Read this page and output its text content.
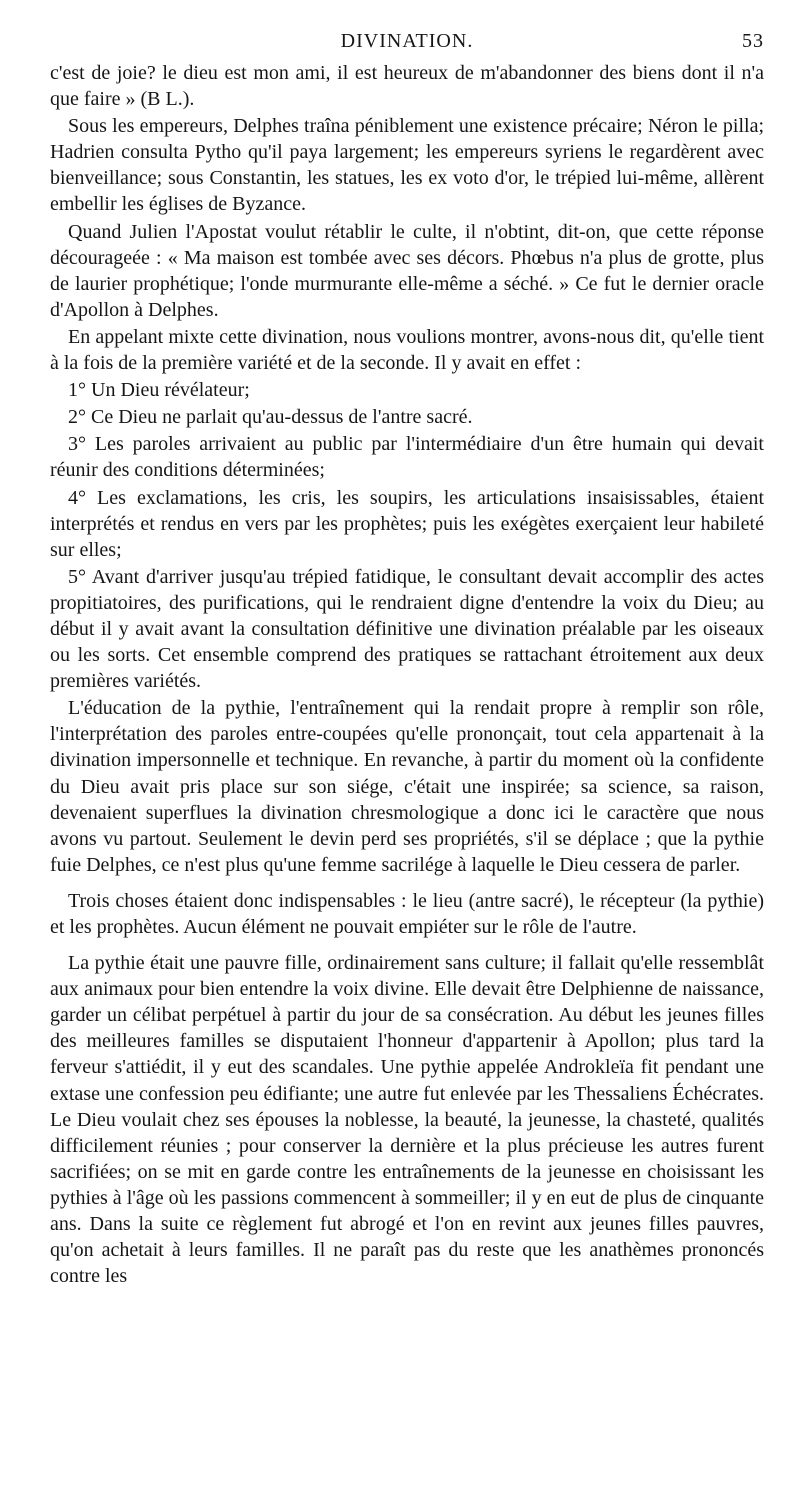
DIVINATION.	53

c'est de joie? le dieu est mon ami, il est heureux de m'abandonner des biens dont il n'a que faire » (B L.).

Sous les empereurs, Delphes traîna péniblement une existence précaire; Néron le pilla; Hadrien consulta Pytho qu'il paya largement; les empereurs syriens le regardèrent avec bienveillance; sous Constantin, les statues, les ex voto d'or, le trépied lui-même, allèrent embellir les églises de Byzance.

Quand Julien l'Apostat voulut rétablir le culte, il n'obtint, dit-on, que cette réponse décourageée : « Ma maison est tombée avec ses décors. Phœbus n'a plus de grotte, plus de laurier prophétique; l'onde murmurante elle-même a séché. » Ce fut le dernier oracle d'Apollon à Delphes.

En appelant mixte cette divination, nous voulions montrer, avons-nous dit, qu'elle tient à la fois de la première variété et de la seconde. Il y avait en effet :

1° Un Dieu révélateur;

2° Ce Dieu ne parlait qu'au-dessus de l'antre sacré.

3° Les paroles arrivaient au public par l'intermédiaire d'un être humain qui devait réunir des conditions déterminées;

4° Les exclamations, les cris, les soupirs, les articulations insaisissables, étaient interprétés et rendus en vers par les prophètes; puis les exégètes exerçaient leur habileté sur elles;

5° Avant d'arriver jusqu'au trépied fatidique, le consultant devait accomplir des actes propitiatoires, des purifications, qui le rendraient digne d'entendre la voix du Dieu; au début il y avait avant la consultation définitive une divination préalable par les oiseaux ou les sorts. Cet ensemble comprend des pratiques se rattachant étroitement aux deux premières variétés.

L'éducation de la pythie, l'entraînement qui la rendait propre à remplir son rôle, l'interprétation des paroles entre-coupées qu'elle prononçait, tout cela appartenait à la divination impersonnelle et technique. En revanche, à partir du moment où la confidente du Dieu avait pris place sur son siége, c'était une inspirée; sa science, sa raison, devenaient superflues la divination chresmologique a donc ici le caractère que nous avons vu partout. Seulement le devin perd ses propriétés, s'il se déplace ; que la pythie fuie Delphes, ce n'est plus qu'une femme sacrilége à laquelle le Dieu cessera de parler.

Trois choses étaient donc indispensables : le lieu (antre sacré), le récepteur (la pythie) et les prophètes. Aucun élément ne pouvait empiéter sur le rôle de l'autre.

La pythie était une pauvre fille, ordinairement sans culture; il fallait qu'elle ressemblât aux animaux pour bien entendre la voix divine. Elle devait être Delphienne de naissance, garder un célibat perpétuel à partir du jour de sa consécration. Au début les jeunes filles des meilleures familles se disputaient l'honneur d'appartenir à Apollon; plus tard la ferveur s'attiédit, il y eut des scandales. Une pythie appelée Androkleïa fit pendant une extase une confession peu édifiante; une autre fut enlevée par les Thessaliens Échécrates. Le Dieu voulait chez ses épouses la noblesse, la beauté, la jeunesse, la chasteté, qualités difficilement réunies ; pour conserver la dernière et la plus précieuse les autres furent sacrifiées; on se mit en garde contre les entraînements de la jeunesse en choisissant les pythies à l'âge où les passions commencent à sommeiller; il y en eut de plus de cinquante ans. Dans la suite ce règlement fut abrogé et l'on en revint aux jeunes filles pauvres, qu'on achetait à leurs familles. Il ne paraît pas du reste que les anathèmes prononcés contre les
